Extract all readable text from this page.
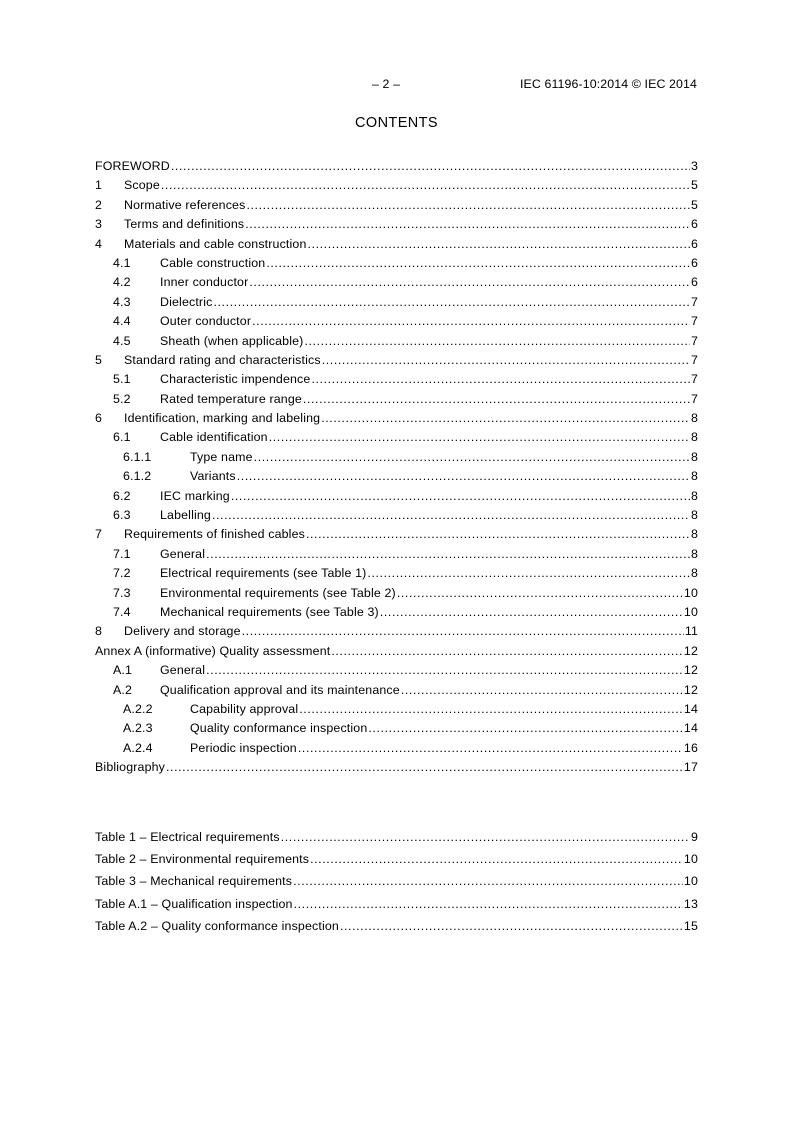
– 2 –	IEC 61196-10:2014 © IEC 2014
CONTENTS
FOREWORD .....	3
1	Scope .....	5
2	Normative references .....	5
3	Terms and definitions .....	6
4	Materials and cable construction .....	6
4.1	Cable construction .....	6
4.2	Inner conductor .....	6
4.3	Dielectric .....	7
4.4	Outer conductor .....	7
4.5	Sheath (when applicable) .....	7
5	Standard rating and characteristics .....	7
5.1	Characteristic impendence .....	7
5.2	Rated temperature range .....	7
6	Identification, marking and labeling .....	8
6.1	Cable identification .....	8
6.1.1	Type name .....	8
6.1.2	Variants .....	8
6.2	IEC marking .....	8
6.3	Labelling .....	8
7	Requirements of finished cables .....	8
7.1	General .....	8
7.2	Electrical requirements (see Table 1) .....	8
7.3	Environmental requirements (see Table 2) .....	10
7.4	Mechanical requirements (see Table 3) .....	10
8	Delivery and storage .....	11
Annex A (informative) Quality assessment .....	12
A.1	General .....	12
A.2	Qualification approval and its maintenance .....	12
A.2.2	Capability approval .....	14
A.2.3	Quality conformance inspection .....	14
A.2.4	Periodic inspection .....	16
Bibliography .....	17
Table 1 – Electrical requirements .....	9
Table 2 – Environmental requirements .....	10
Table 3 – Mechanical requirements .....	10
Table A.1 – Qualification inspection .....	13
Table A.2 – Quality conformance inspection .....	15
